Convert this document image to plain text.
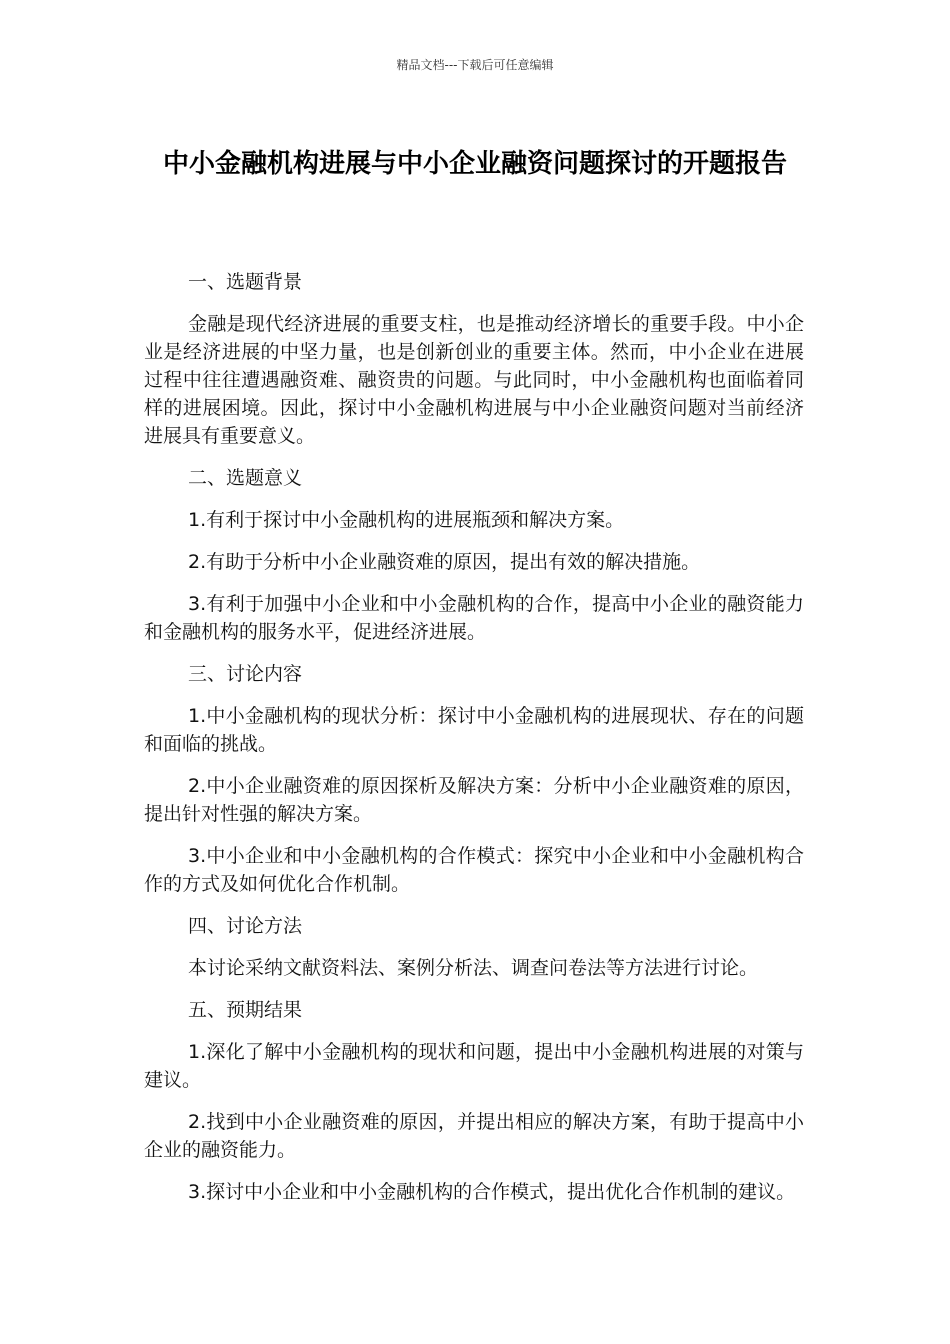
精品文档---下载后可任意编辑
中小金融机构进展与中小企业融资问题探讨的开题报告

一、选题背景

金融是现代经济进展的重要支柱，也是推动经济增长的重要手段。中小企业是经济进展的中坚力量，也是创新创业的重要主体。然而，中小企业在进展过程中往往遭遇融资难、融资贵的问题。与此同时，中小金融机构也面临着同样的进展困境。因此，探讨中小金融机构进展与中小企业融资问题对当前经济进展具有重要意义。

二、选题意义

1.有利于探讨中小金融机构的进展瓶颈和解决方案。

2.有助于分析中小企业融资难的原因，提出有效的解决措施。

3.有利于加强中小企业和中小金融机构的合作，提高中小企业的融资能力和金融机构的服务水平，促进经济进展。

三、讨论内容

1.中小金融机构的现状分析：探讨中小金融机构的进展现状、存在的问题和面临的挑战。

2.中小企业融资难的原因探析及解决方案：分析中小企业融资难的原因，提出针对性强的解决方案。

3.中小企业和中小金融机构的合作模式：探究中小企业和中小金融机构合作的方式及如何优化合作机制。

四、讨论方法

本讨论采纳文献资料法、案例分析法、调查问卷法等方法进行讨论。

五、预期结果

1.深化了解中小金融机构的现状和问题，提出中小金融机构进展的对策与建议。

2.找到中小企业融资难的原因，并提出相应的解决方案，有助于提高中小企业的融资能力。

3.探讨中小企业和中小金融机构的合作模式，提出优化合作机制的建议。
